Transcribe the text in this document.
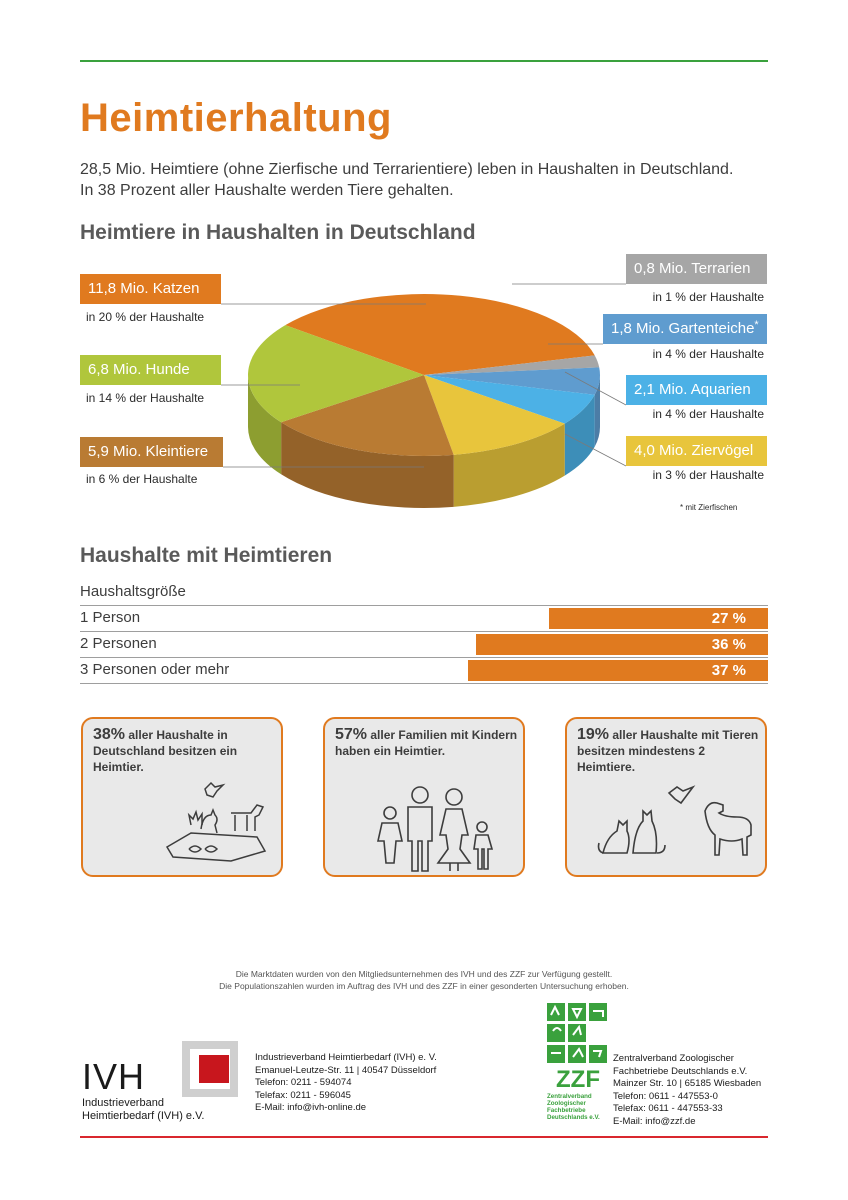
Heimtierhaltung
28,5 Mio. Heimtiere (ohne Zierfische und Terrarientiere) leben in Haushalten in Deutschland.
In 38 Prozent aller Haushalte werden Tiere gehalten.
Heimtiere in Haushalten in Deutschland
11,8 Mio. Katzen
in 20 % der Haushalte
6,8 Mio. Hunde
in 14 % der Haushalte
5,9 Mio. Kleintiere
in 6 % der Haushalte
0,8 Mio. Terrarien
in 1 % der Haushalte
1,8 Mio. Gartenteiche*
in 4 % der Haushalte
2,1 Mio. Aquarien
in 4 % der Haushalte
4,0 Mio. Ziervögel
in 3 % der Haushalte
* mit Zierfischen
Haushalte mit Heimtieren
Haushaltsgröße
1 Person	27 %
2 Personen	36 %
3 Personen oder mehr	37 %
38% aller Haushalte in Deutschland besitzen ein Heimtier.
57% aller Familien mit Kindern haben ein Heimtier.
19% aller Haushalte mit Tieren besitzen mindestens 2 Heimtiere.
Die Marktdaten wurden von den Mitgliedsunternehmen des IVH und des ZZF zur Verfügung gestellt.
Die Populationszahlen wurden im Auftrag des IVH und des ZZF in einer gesonderten Untersuchung erhoben.
IVH
Industrieverband
Heimtierbedarf (IVH) e.V.
Industrieverband Heimtierbedarf (IVH) e. V.
Emanuel-Leutze-Str. 11 | 40547 Düsseldorf
Telefon: 0211 - 594074
Telefax: 0211 - 596045
E-Mail: info@ivh-online.de
ZZF
Zentralverband
Zoologischer
Fachbetriebe
Deutschlands e.V.
Zentralverband Zoologischer
Fachbetriebe Deutschlands e.V.
Mainzer Str. 10 | 65185 Wiesbaden
Telefon: 0611 - 447553-0
Telefax: 0611 - 447553-33
E-Mail: info@zzf.de
